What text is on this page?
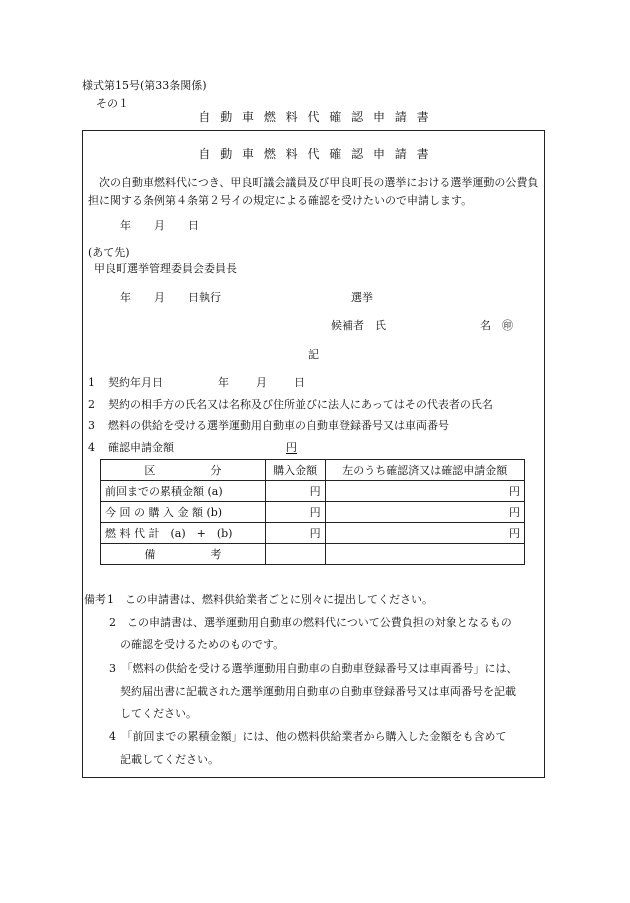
様式第15号(第33条関係)
その１
自 動 車 燃 料 代 確 認 申 請 書
自 動 車 燃 料 代 確 認 申 請 書
次の自動車燃料代につき、甲良町議会議員及び甲良町長の選挙における選挙運動の公費負担に関する条例第４条第２号イの規定による確認を受けたいので申請します。
年 月 日
(あて先)
甲良町選挙管理委員会委員長
年 月 日執行	選挙
候補者　氏	名　㊞
記
1 契約年月日	年 月 日
2 契約の相手方の氏名又は名称及び住所並びに法人にあってはその代表者の氏名
3 燃料の供給を受ける選挙運動用自動車の自動車登録番号又は車両番号
4 確認申請金額	円
区　　　　　分	購入金額	左のうち確認済又は確認申請金額
前回までの累積金額 (a)	円	円
今 回 の 購 入 金 額 (b)	円	円
燃 料 代 計　(a)　+　(b)	円	円
備　　　　　考		
備考 1　この申請書は、燃料供給業者ごとに別々に提出してください。
2　この申請書は、選挙運動用自動車の燃料代について公費負担の対象となるもの
の確認を受けるためのものです。
3　「燃料の供給を受ける選挙運動用自動車の自動車登録番号又は車両番号」には、
契約届出書に記載された選挙運動用自動車の自動車登録番号又は車両番号を記載
してください。
4　「前回までの累積金額」には、他の燃料供給業者から購入した金額をも含めて
記載してください。
